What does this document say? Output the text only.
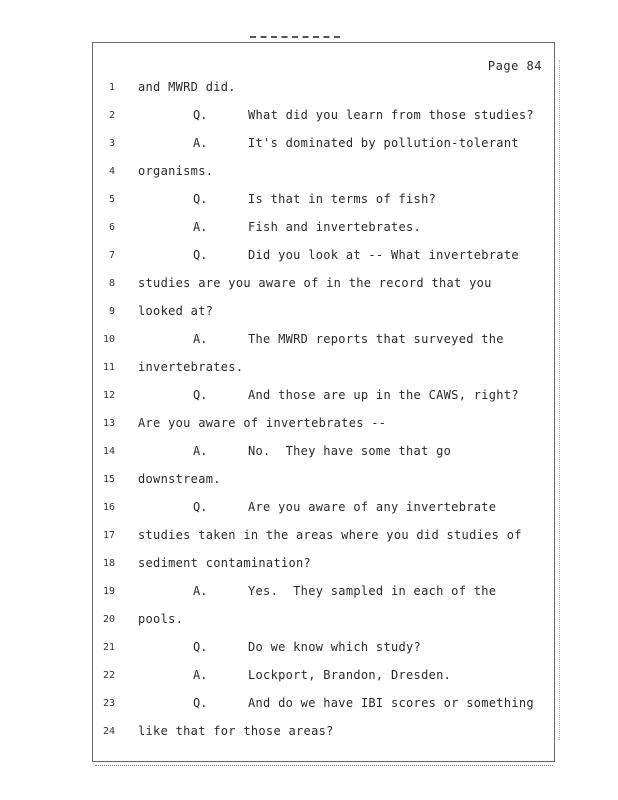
Page 84
1 and MWRD did.
2	Q.	What did you learn from those studies?
3	A.	It's dominated by pollution-tolerant
4 organisms.
5	Q.	Is that in terms of fish?
6	A.	Fish and invertebrates.
7	Q.	Did you look at -- What invertebrate
8 studies are you aware of in the record that you
9 looked at?
10	A.	The MWRD reports that surveyed the
11 invertebrates.
12	Q.	And those are up in the CAWS, right?
13 Are you aware of invertebrates --
14	A.	No.  They have some that go
15 downstream.
16	Q.	Are you aware of any invertebrate
17 studies taken in the areas where you did studies of
18 sediment contamination?
19	A.	Yes.  They sampled in each of the
20 pools.
21	Q.	Do we know which study?
22	A.	Lockport, Brandon, Dresden.
23	Q.	And do we have IBI scores or something
24 like that for those areas?
